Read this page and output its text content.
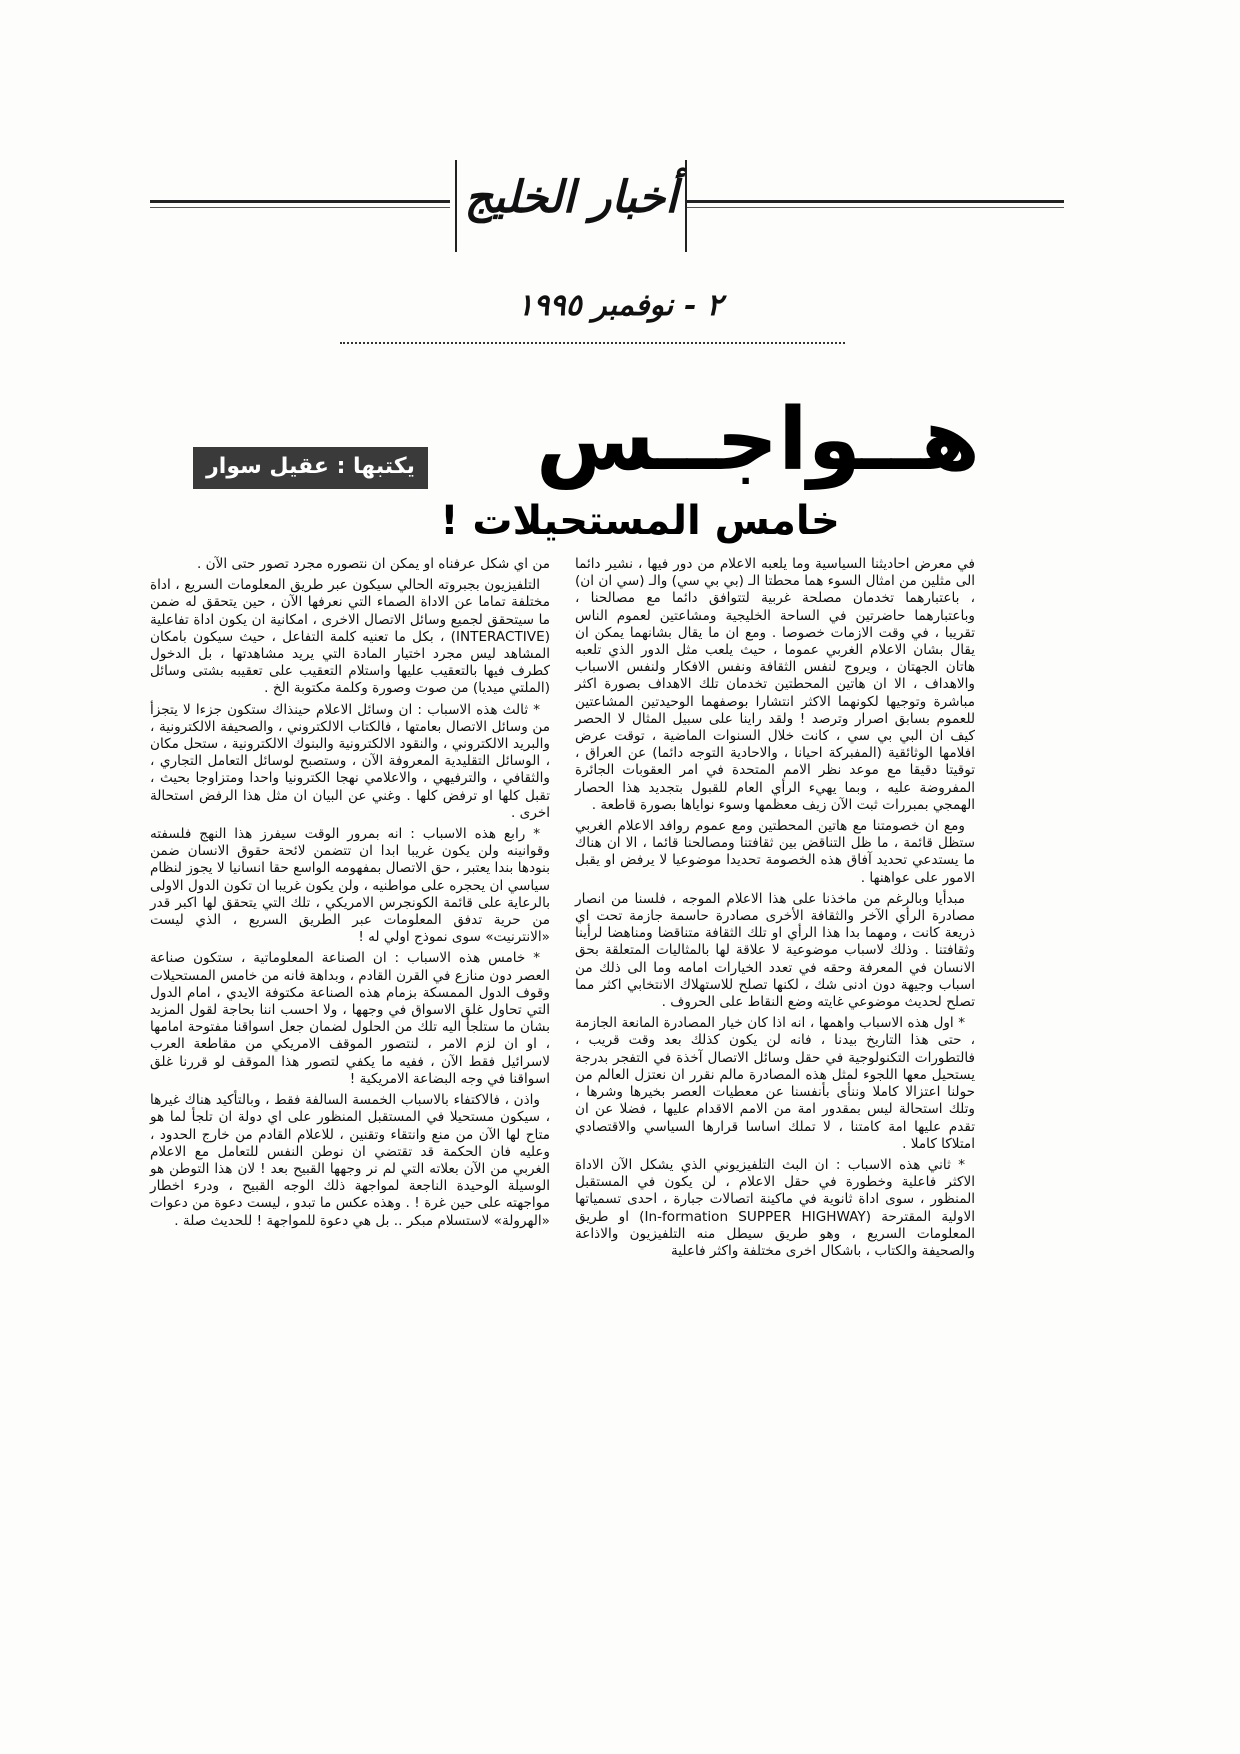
أخبار الخليج
٢ - نوفمبر ١٩٩٥
هــواجــس
يكتبها : عقيل سوار
خامس المستحيلات !

في معرض احاديثنا السياسية وما يلعبه الاعلام من دور فيها ، نشير دائما الى مثلين من امثال السوء هما محطتا الـ (بي بي سي) والـ (سي ان ان) ، باعتبارهما تخدمان مصلحة غربية لتتوافق دائما مع مصالحنا ، وباعتبارهما حاضرتين في الساحة الخليجية ومشاعتين لعموم الناس تقريبا ، في وقت الازمات خصوصا . ومع ان ما يقال بشانهما يمكن ان يقال بشان الاعلام الغربي عموما ، حيث يلعب مثل الدور الذي تلعبه هاتان الجهتان ، ويروج لنفس الثقافة ونفس الافكار ولنفس الاسباب والاهداف ، الا ان هاتين المحطتين تخدمان تلك الاهداف بصورة اكثر مباشرة وتوجيها لكونهما الاكثر انتشارا بوصفهما الوحيدتين المشاعتين للعموم بسابق اصرار وترصد ! ولقد راينا على سبيل المثال لا الحصر كيف ان البي بي سي ، كانت خلال السنوات الماضية ، توقت عرض افلامها الوثائقية (المفبركة احيانا ، والاحادية التوجه دائما) عن العراق ، توقيتا دقيقا مع موعد نظر الامم المتحدة في امر العقوبات الجائرة المفروضة عليه ، وبما يهيء الرأي العام للقبول بتجديد هذا الحصار الهمجي بمبررات ثبت الآن زيف معظمها وسوء نواياها بصورة قاطعة .

ومع ان خصومتنا مع هاتين المحطتين ومع عموم روافد الاعلام الغربي ستظل قائمة ، ما ظل التناقض بين ثقافتنا ومصالحنا قائما ، الا ان هناك ما يستدعي تحديد آفاق هذه الخصومة تحديدا موضوعيا لا يرفض او يقبل الامور على عواهنها .

مبدأيا وبالرغم من ماخذنا على هذا الاعلام الموجه ، فلسنا من انصار مصادرة الرأي الآخر والثقافة الأخرى مصادرة حاسمة جازمة تحت اي ذريعة كانت ، ومهما بدا هذا الرأي او تلك الثقافة متناقضا ومناهضا لرأينا وثقافتنا . وذلك لاسباب موضوعية لا علاقة لها بالمثاليات المتعلقة بحق الانسان في المعرفة وحقه في تعدد الخيارات امامه وما الى ذلك من اسباب وجيهة دون ادنى شك ، لكنها تصلح للاستهلاك الانتخابي اكثر مما تصلح لحديث موضوعي غايته وضع النقاط على الحروف .

* اول هذه الاسباب واهمها ، انه اذا كان خيار المصادرة المانعة الجازمة ، حتى هذا التاريخ بيدنا ، فانه لن يكون كذلك بعد وقت قريب ، فالتطورات التكنولوجية في حقل وسائل الاتصال آخذة في التفجر بدرجة يستحيل معها اللجوء لمثل هذه المصادرة مالم نقرر ان نعتزل العالم من حولنا اعتزالا كاملا وننأى بأنفسنا عن معطيات العصر بخيرها وشرها ، وتلك استحالة ليس بمقدور امة من الامم الاقدام عليها ، فضلا عن ان تقدم عليها امة كامتنا ، لا تملك اساسا قرارها السياسي والاقتصادي امتلاكا كاملا .

* ثاني هذه الاسباب : ان البث التلفيزيوني الذي يشكل الآن الاداة الاكثر فاعلية وخطورة في حقل الاعلام ، لن يكون في المستقبل المنظور ، سوى اداة ثانوية في ماكينة اتصالات جبارة ، احدى تسمياتها الاولية المقترحة (In-formation SUPPER HIGHWAY) او طريق المعلومات السريع ، وهو طريق سيطل منه التلفيزيون والاذاعة والصحيفة والكتاب ، باشكال اخرى مختلفة واكثر فاعلية

من اي شكل عرفناه او يمكن ان نتصوره مجرد تصور حتى الآن .

التلفيزيون بجبروته الحالي سيكون عبر طريق المعلومات السريع ، اداة مختلفة تماما عن الاداة الصماء التي نعرفها الآن ، حين يتحقق له ضمن ما سيتحقق لجميع وسائل الاتصال الاخرى ، امكانية ان يكون اداة تفاعلية (INTERACTIVE) ، بكل ما تعنيه كلمة التفاعل ، حيث سيكون بامكان المشاهد ليس مجرد اختيار المادة التي يريد مشاهدتها ، بل الدخول كطرف فيها بالتعقيب عليها واستلام التعقيب على تعقيبه بشتى وسائل (الملتي ميديا) من صوت وصورة وكلمة مكتوبة الخ .

* ثالث هذه الاسباب : ان وسائل الاعلام حينذاك ستكون جزءا لا يتجزأ من وسائل الاتصال بعامتها ، فالكتاب الالكتروني ، والصحيفة الالكترونية ، والبريد الالكتروني ، والنقود الالكترونية والبنوك الالكترونية ، ستحل مكان ، الوسائل التقليدية المعروفة الآن ، وستصبح لوسائل التعامل التجاري ، والثقافي ، والترفيهي ، والاعلامي نهجا الكترونيا واحدا ومتزاوجا بحيث ، تقبل كلها او ترفض كلها . وغني عن البيان ان مثل هذا الرفض استحالة اخرى .

* رابع هذه الاسباب : انه بمرور الوقت سيفرز هذا النهج فلسفته وقوانينه ولن يكون غريبا ابدا ان تتضمن لائحة حقوق الانسان ضمن بنودها بندا يعتبر ، حق الاتصال بمفهومه الواسع حقا انسانيا لا يجوز لنظام سياسي ان يحجره على مواطنيه ، ولن يكون غريبا ان تكون الدول الاولى بالرعاية على قائمة الكونجرس الامريكي ، تلك التي يتحقق لها اكبر قدر من حرية تدفق المعلومات عبر الطريق السريع ، الذي ليست «الانترنيت» سوى نموذج اولي له !

* خامس هذه الاسباب : ان الصناعة المعلوماتية ، ستكون صناعة العصر دون منازع في القرن القادم ، وبداهة فانه من خامس المستحيلات وقوف الدول الممسكة بزمام هذه الصناعة مكتوفة الايدي ، امام الدول التي تحاول غلق الاسواق في وجهها ، ولا احسب اننا بحاجة لقول المزيد بشان ما ستلجأ اليه تلك من الحلول لضمان جعل اسواقنا مفتوحة امامها ، او ان لزم الامر ، لنتصور الموقف الامريكي من مقاطعة العرب لاسرائيل فقط الآن ، ففيه ما يكفي لتصور هذا الموقف لو قررنا غلق اسواقنا في وجه البضاعة الامريكية !

واذن ، فالاكتفاء بالاسباب الخمسة السالفة فقط ، وبالتأكيد هناك غيرها ، سيكون مستحيلا في المستقبل المنظور على اي دولة ان تلجأ لما هو متاح لها الآن من منع وانتقاء وتقنين ، للاعلام القادم من خارج الحدود ، وعليه فان الحكمة قد تقتضي ان نوطن النفس للتعامل مع الاعلام الغربي من الآن بعلاته التي لم نر وجهها القبيح بعد ! لان هذا التوطن هو الوسيلة الوحيدة الناجعة لمواجهة ذلك الوجه القبيح ، ودرء اخطار مواجهته على حين غرة ! . وهذه عكس ما تبدو ، ليست دعوة من دعوات «الهرولة» لاستسلام مبكر .. بل هي دعوة للمواجهة ! للحديث صلة .
